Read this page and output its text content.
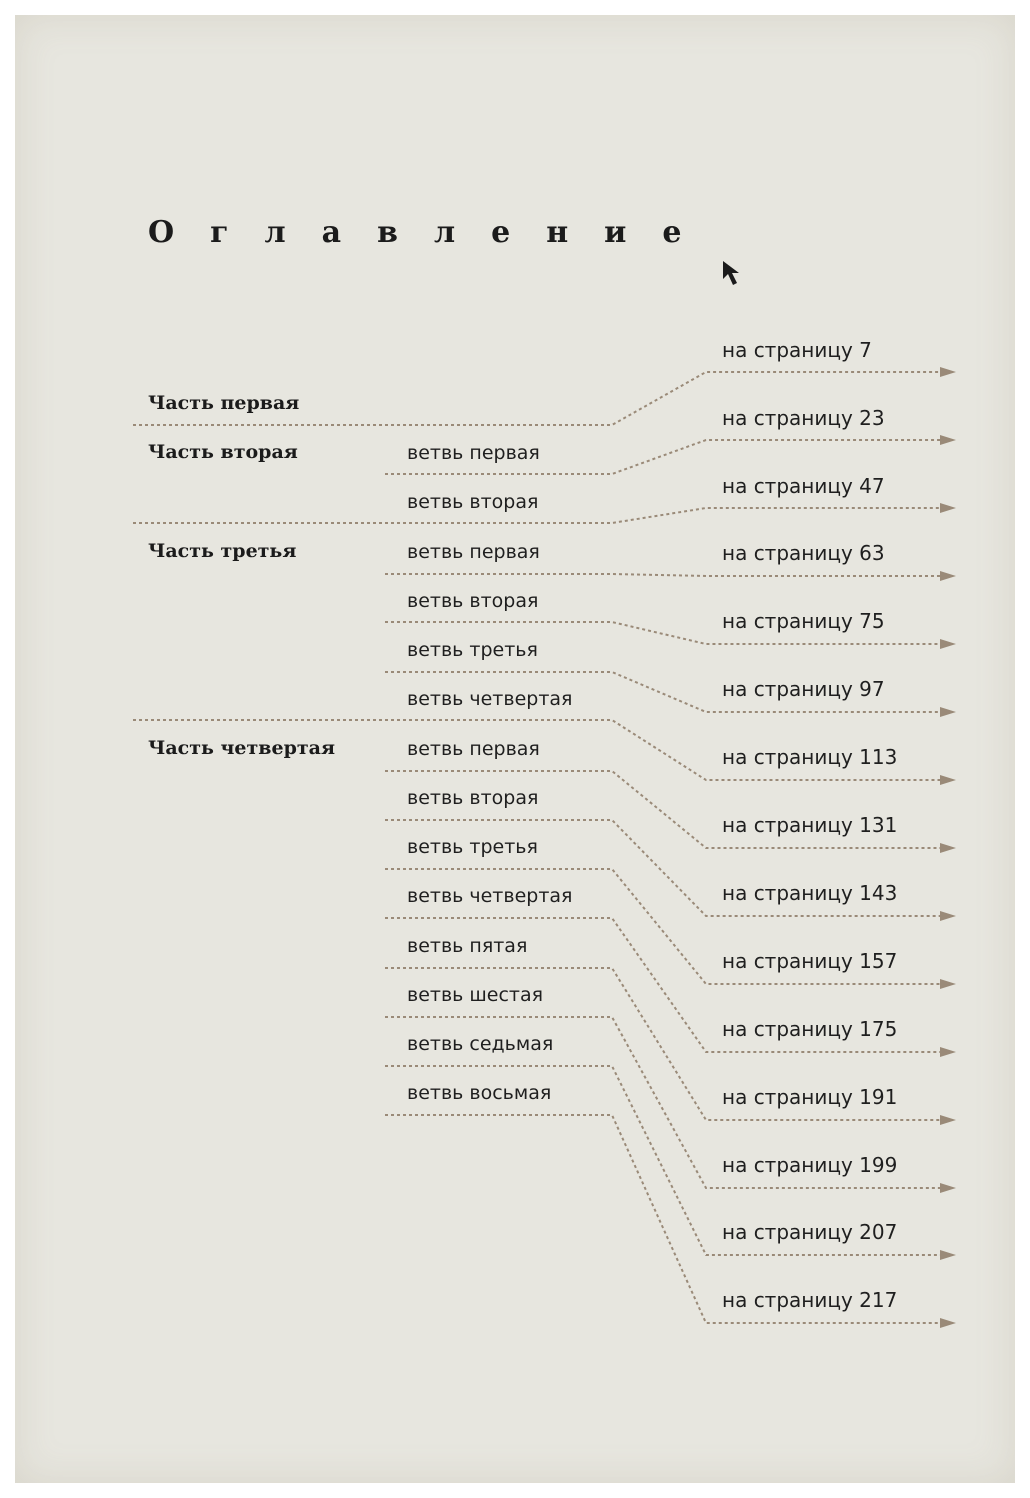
Оглавление
Часть первая
Часть вторая
Часть третья
Часть четвертая
ветвь первая
ветвь вторая
ветвь первая
ветвь вторая
ветвь третья
ветвь четвертая
ветвь первая
ветвь вторая
ветвь третья
ветвь четвертая
ветвь пятая
ветвь шестая
ветвь седьмая
ветвь восьмая
на страницу 7
на страницу 23
на страницу 47
на страницу 63
на страницу 75
на страницу 97
на страницу 113
на страницу 131
на страницу 143
на страницу 157
на страницу 175
на страницу 191
на страницу 199
на страницу 207
на страницу 217
